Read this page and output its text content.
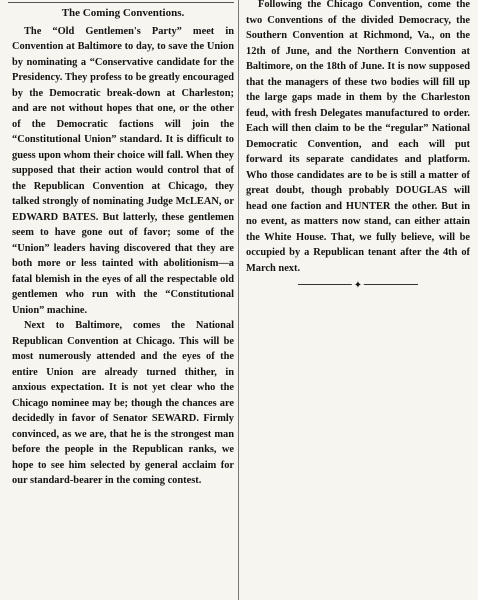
The Coming Conventions.

The “Old Gentlemen's Party” meet in Convention at Baltimore to day, to save the Union by nominating a “Conservative candidate for the Presidency. They profess to be greatly encouraged by the Democratic break-down at Charleston; and are not without hopes that one, or the other of the Democratic factions will join the “Constitutional Union” standard. It is difficult to guess upon whom their choice will fall. When they supposed that their action would control that of the Republican Convention at Chicago, they talked strongly of nominating Judge McLEAN, or EDWARD BATES. But latterly, these gentlemen seem to have gone out of favor; some of the “Union” leaders having discovered that they are both more or less tainted with abolitionism—a fatal blemish in the eyes of all the respectable old gentlemen who run with the “Constitutional Union” machine.

Next to Baltimore, comes the National Republican Convention at Chicago. This will be most numerously attended and the eyes of the entire Union are already turned thither, in anxious expectation. It is not yet clear who the Chicago nominee may be; though the chances are decidedly in favor of Senator SEWARD. Firmly convinced, as we are, that he is the strongest man before the people in the Republican ranks, we hope to see him selected by general acclaim for our standard-bearer in the coming contest.

Following the Chicago Convention, come the two Conventions of the divided Democracy, the Southern Convention at Richmond, Va., on the 12th of June, and the Northern Convention at Baltimore, on the 18th of June. It is now supposed that the managers of these two bodies will fill up the large gaps made in them by the Charleston feud, with fresh Delegates manufactured to order. Each will then claim to be the “regular” National Democratic Convention, and each will put forward its separate candidates and platform. Who those candidates are to be is still a matter of great doubt, though probably DOUGLAS will head one faction and HUNTER the other. But in no event, as matters now stand, can either attain the White House. That, we fully believe, will be occupied by a Republican tenant after the 4th of March next.

✦
